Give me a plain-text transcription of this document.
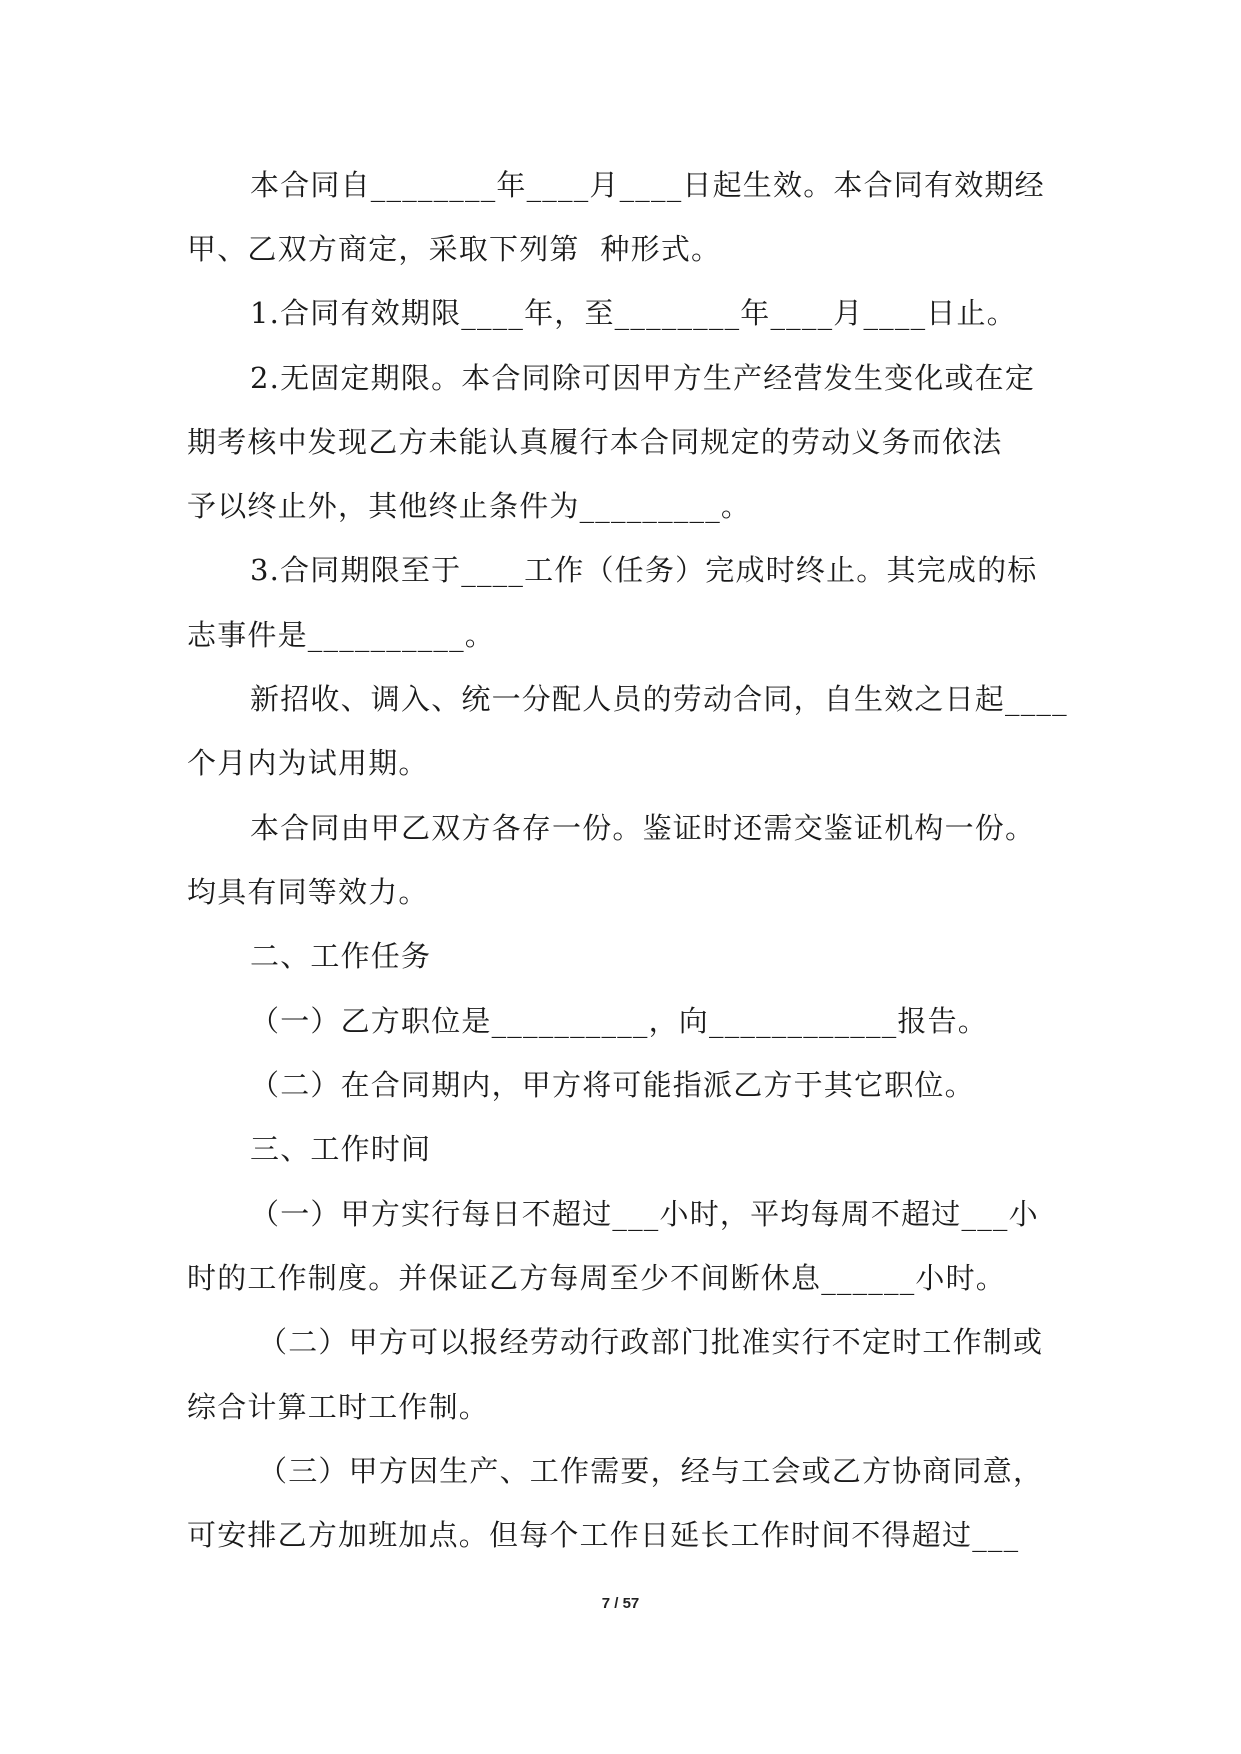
本合同自________年____月____日起生效。本合同有效期经
甲、乙双方商定，采取下列第  种形式。
1.合同有效期限____年，至________年____月____日止。
2.无固定期限。本合同除可因甲方生产经营发生变化或在定
期考核中发现乙方未能认真履行本合同规定的劳动义务而依法
予以终止外，其他终止条件为_________。
3.合同期限至于____工作（任务）完成时终止。其完成的标
志事件是__________。
新招收、调入、统一分配人员的劳动合同，自生效之日起____
个月内为试用期。
本合同由甲乙双方各存一份。鉴证时还需交鉴证机构一份。
均具有同等效力。
二、工作任务
（一）乙方职位是__________，向____________报告。
（二）在合同期内，甲方将可能指派乙方于其它职位。
三、工作时间
（一）甲方实行每日不超过___小时，平均每周不超过___小
时的工作制度。并保证乙方每周至少不间断休息______小时。
（二）甲方可以报经劳动行政部门批准实行不定时工作制或
综合计算工时工作制。
（三）甲方因生产、工作需要，经与工会或乙方协商同意，
可安排乙方加班加点。但每个工作日延长工作时间不得超过___
7 / 57
